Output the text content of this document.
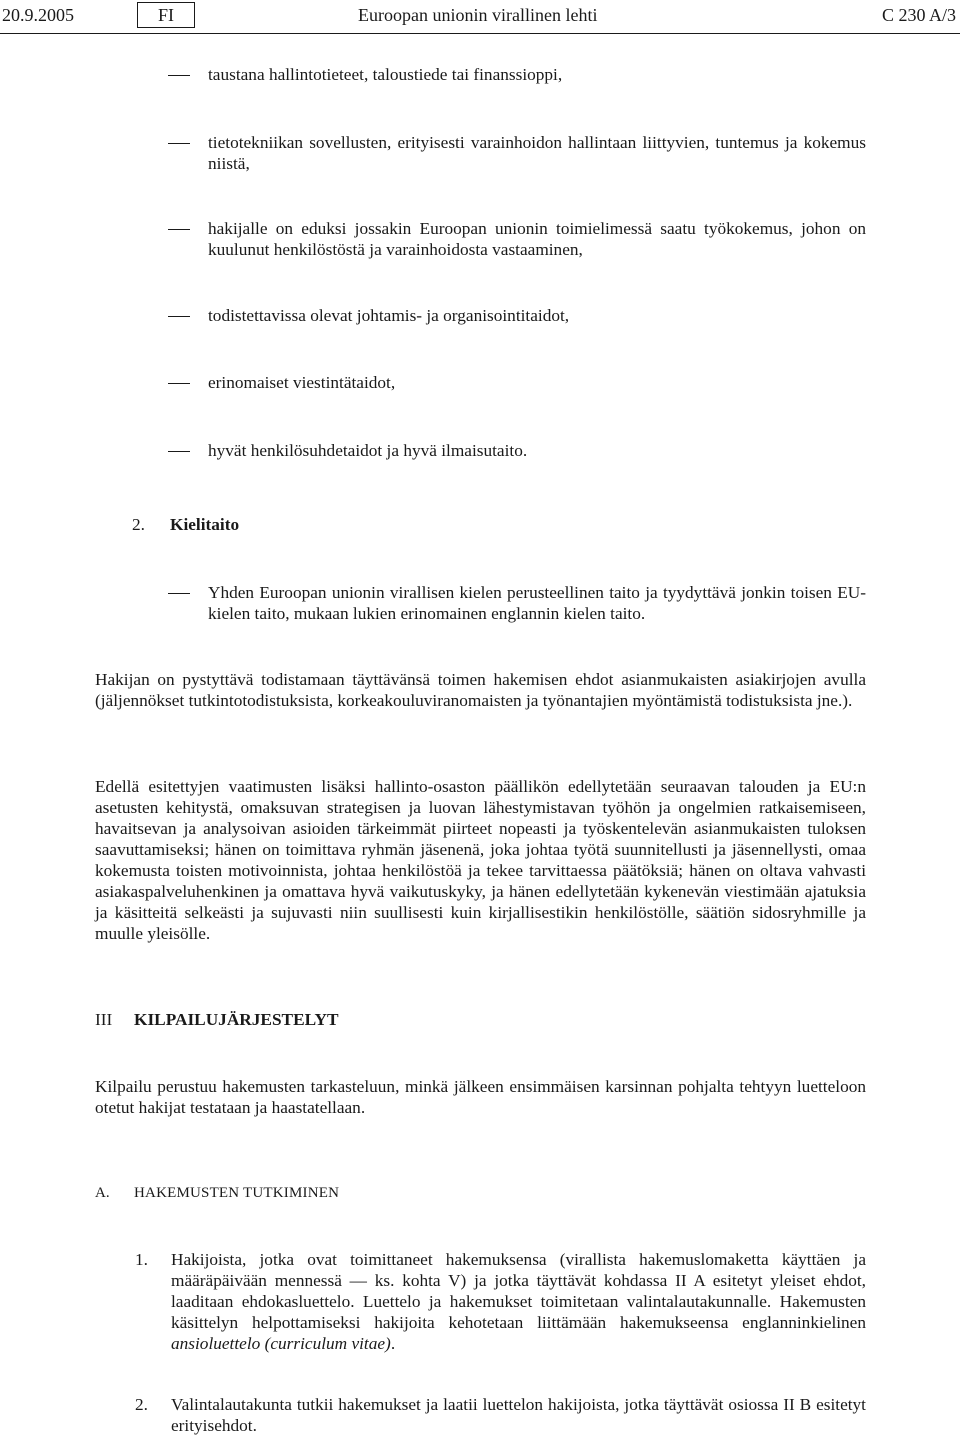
20.9.2005	FI	Euroopan unionin virallinen lehti	C 230 A/3
taustana hallintotieteet, taloustiede tai finanssioppi,
tietotekniikan sovellusten, erityisesti varainhoidon hallintaan liittyvien, tuntemus ja kokemus niistä,
hakijalle on eduksi jossakin Euroopan unionin toimielimessä saatu työkokemus, johon on kuulunut henkilöstöstä ja varainhoidosta vastaaminen,
todistettavissa olevat johtamis- ja organisointitaidot,
erinomaiset viestintätaidot,
hyvät henkilösuhdetaidot ja hyvä ilmaisutaito.
2. Kielitaito
Yhden Euroopan unionin virallisen kielen perusteellinen taito ja tyydyttävä jonkin toisen EU-kielen taito, mukaan lukien erinomainen englannin kielen taito.
Hakijan on pystyttävä todistamaan täyttävänsä toimen hakemisen ehdot asianmukaisten asiakirjojen avulla (jäljennökset tutkintotodistuksista, korkeakouluviranomaisten ja työnantajien myöntämistä todistuksista jne.).
Edellä esitettyjen vaatimusten lisäksi hallinto-osaston päällikön edellytetään seuraavan talouden ja EU:n asetusten kehitystä, omaksuvan strategisen ja luovan lähestymistavan työhön ja ongelmien ratkaisemiseen, havaitsevan ja analysoivan asioiden tärkeimmät piirteet nopeasti ja työskentelevän asianmukaisten tuloksen saavuttamiseksi; hänen on toimittava ryhmän jäsenenä, joka johtaa työtä suunnitellusti ja jäsennellysti, omaa kokemusta toisten motivoinnista, johtaa henkilöstöä ja tekee tarvittaessa päätöksiä; hänen on oltava vahvasti asiakaspalveluhenkinen ja omattava hyvä vaikutuskyky, ja hänen edellytetään kykenevän viestimään ajatuksia ja käsitteitä selkeästi ja sujuvasti niin suullisesti kuin kirjallisestikin henkilöstölle, säätiön sidosryhmille ja muulle yleisölle.
III KILPAILUJÄRJESTELYT
Kilpailu perustuu hakemusten tarkasteluun, minkä jälkeen ensimmäisen karsinnan pohjalta tehtyyn luetteloon otetut hakijat testataan ja haastatellaan.
A. HAKEMUSTEN TUTKIMINEN
1. Hakijoista, jotka ovat toimittaneet hakemuksensa (virallista hakemuslomaketta käyttäen ja määräpäivään mennessä — ks. kohta V) ja jotka täyttävät kohdassa II A esitetyt yleiset ehdot, laaditaan ehdokasluettelo. Luettelo ja hakemukset toimitetaan valintalautakunnalle. Hakemusten käsittelyn helpottamiseksi hakijoita kehotetaan liittämään hakemukseensa englanninkielinen ansioluettelo (curriculum vitae).
2. Valintalautakunta tutkii hakemukset ja laatii luettelon hakijoista, jotka täyttävät osiossa II B esitetyt erityisehdot.
